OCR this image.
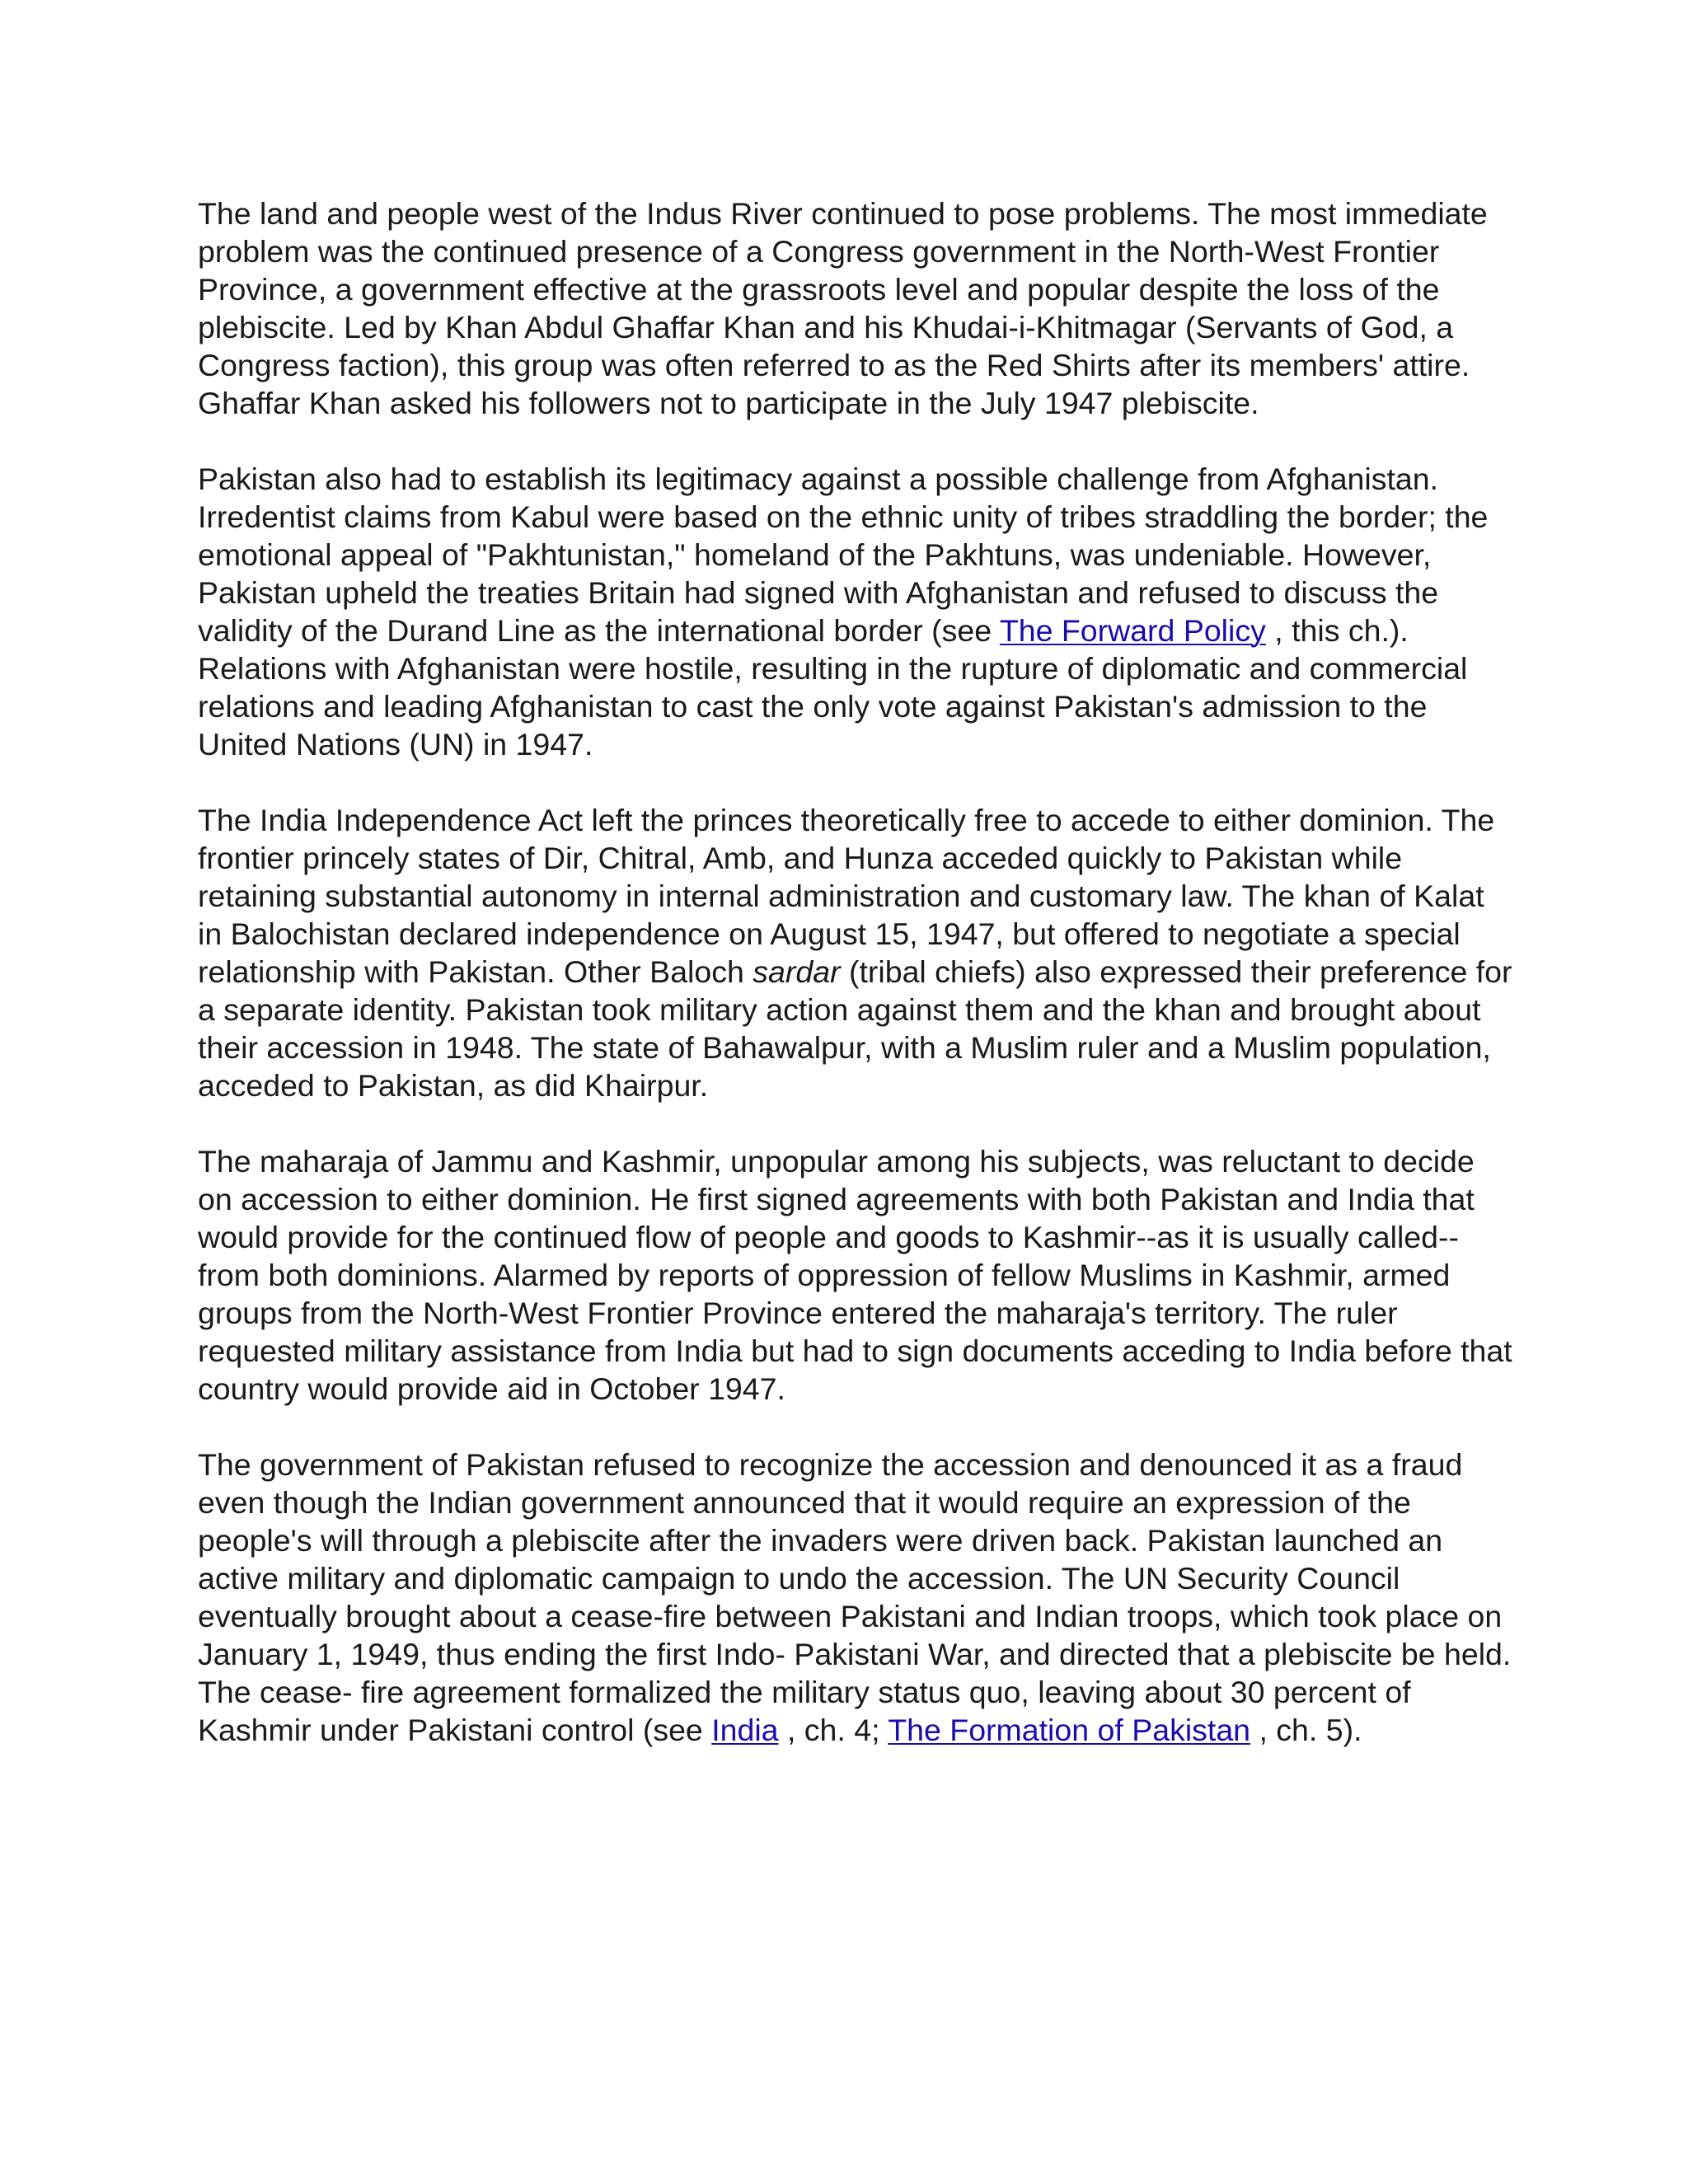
The land and people west of the Indus River continued to pose problems. The most immediate problem was the continued presence of a Congress government in the North-West Frontier Province, a government effective at the grassroots level and popular despite the loss of the plebiscite. Led by Khan Abdul Ghaffar Khan and his Khudai-i-Khitmagar (Servants of God, a Congress faction), this group was often referred to as the Red Shirts after its members' attire. Ghaffar Khan asked his followers not to participate in the July 1947 plebiscite.

Pakistan also had to establish its legitimacy against a possible challenge from Afghanistan. Irredentist claims from Kabul were based on the ethnic unity of tribes straddling the border; the emotional appeal of "Pakhtunistan," homeland of the Pakhtuns, was undeniable. However, Pakistan upheld the treaties Britain had signed with Afghanistan and refused to discuss the validity of the Durand Line as the international border (see The Forward Policy , this ch.). Relations with Afghanistan were hostile, resulting in the rupture of diplomatic and commercial relations and leading Afghanistan to cast the only vote against Pakistan's admission to the United Nations (UN) in 1947.

The India Independence Act left the princes theoretically free to accede to either dominion. The frontier princely states of Dir, Chitral, Amb, and Hunza acceded quickly to Pakistan while retaining substantial autonomy in internal administration and customary law. The khan of Kalat in Balochistan declared independence on August 15, 1947, but offered to negotiate a special relationship with Pakistan. Other Baloch sardar (tribal chiefs) also expressed their preference for a separate identity. Pakistan took military action against them and the khan and brought about their accession in 1948. The state of Bahawalpur, with a Muslim ruler and a Muslim population, acceded to Pakistan, as did Khairpur.

The maharaja of Jammu and Kashmir, unpopular among his subjects, was reluctant to decide on accession to either dominion. He first signed agreements with both Pakistan and India that would provide for the continued flow of people and goods to Kashmir--as it is usually called--from both dominions. Alarmed by reports of oppression of fellow Muslims in Kashmir, armed groups from the North-West Frontier Province entered the maharaja's territory. The ruler requested military assistance from India but had to sign documents acceding to India before that country would provide aid in October 1947.

The government of Pakistan refused to recognize the accession and denounced it as a fraud even though the Indian government announced that it would require an expression of the people's will through a plebiscite after the invaders were driven back. Pakistan launched an active military and diplomatic campaign to undo the accession. The UN Security Council eventually brought about a cease-fire between Pakistani and Indian troops, which took place on January 1, 1949, thus ending the first Indo- Pakistani War, and directed that a plebiscite be held. The cease- fire agreement formalized the military status quo, leaving about 30 percent of Kashmir under Pakistani control (see India , ch. 4; The Formation of Pakistan , ch. 5).
